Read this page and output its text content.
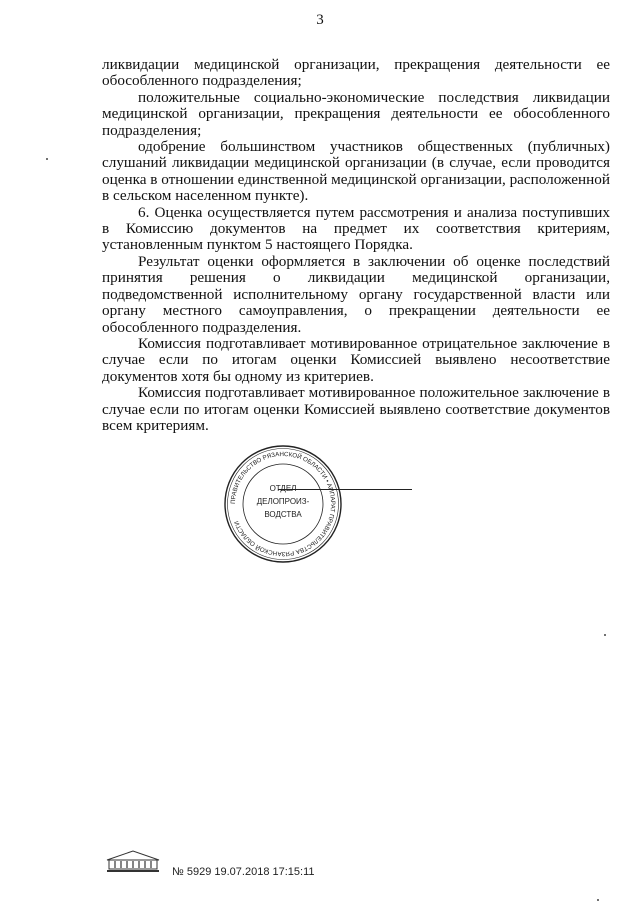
3

ликвидации медицинской организации, прекращения деятельности ее обособленного подразделения;

положительные социально-экономические последствия ликвидации медицинской организации, прекращения деятельности ее обособленного подразделения;

одобрение большинством участников общественных (публичных) слушаний ликвидации медицинской организации (в случае, если проводится оценка в отношении единственной медицинской организации, расположенной в сельском населенном пункте).

6. Оценка осуществляется путем рассмотрения и анализа поступивших в Комиссию документов на предмет их соответствия критериям, установленным пунктом 5 настоящего Порядка.

Результат оценки оформляется в заключении об оценке последствий принятия решения о ликвидации медицинской организации, подведомственной исполнительному органу государственной власти или органу местного самоуправления, о прекращении деятельности ее обособленного подразделения.

Комиссия подготавливает мотивированное отрицательное заключение в случае если по итогам оценки Комиссией выявлено несоответствие документов хотя бы одному из критериев.

Комиссия подготавливает мотивированное положительное заключение в случае если по итогам оценки Комиссией выявлено соответствие документов всем критериям.

ПРАВИТЕЛЬСТВО РЯЗАНСКОЙ ОБЛАСТИ • АППАРАТ ПРАВИТЕЛЬСТВА РЯЗАНСКОЙ ОБЛАСТИ
ОТДЕЛ
ДЕЛОПРОИЗ-
ВОДСТВА
№ 5929 19.07.2018 17:15:11
